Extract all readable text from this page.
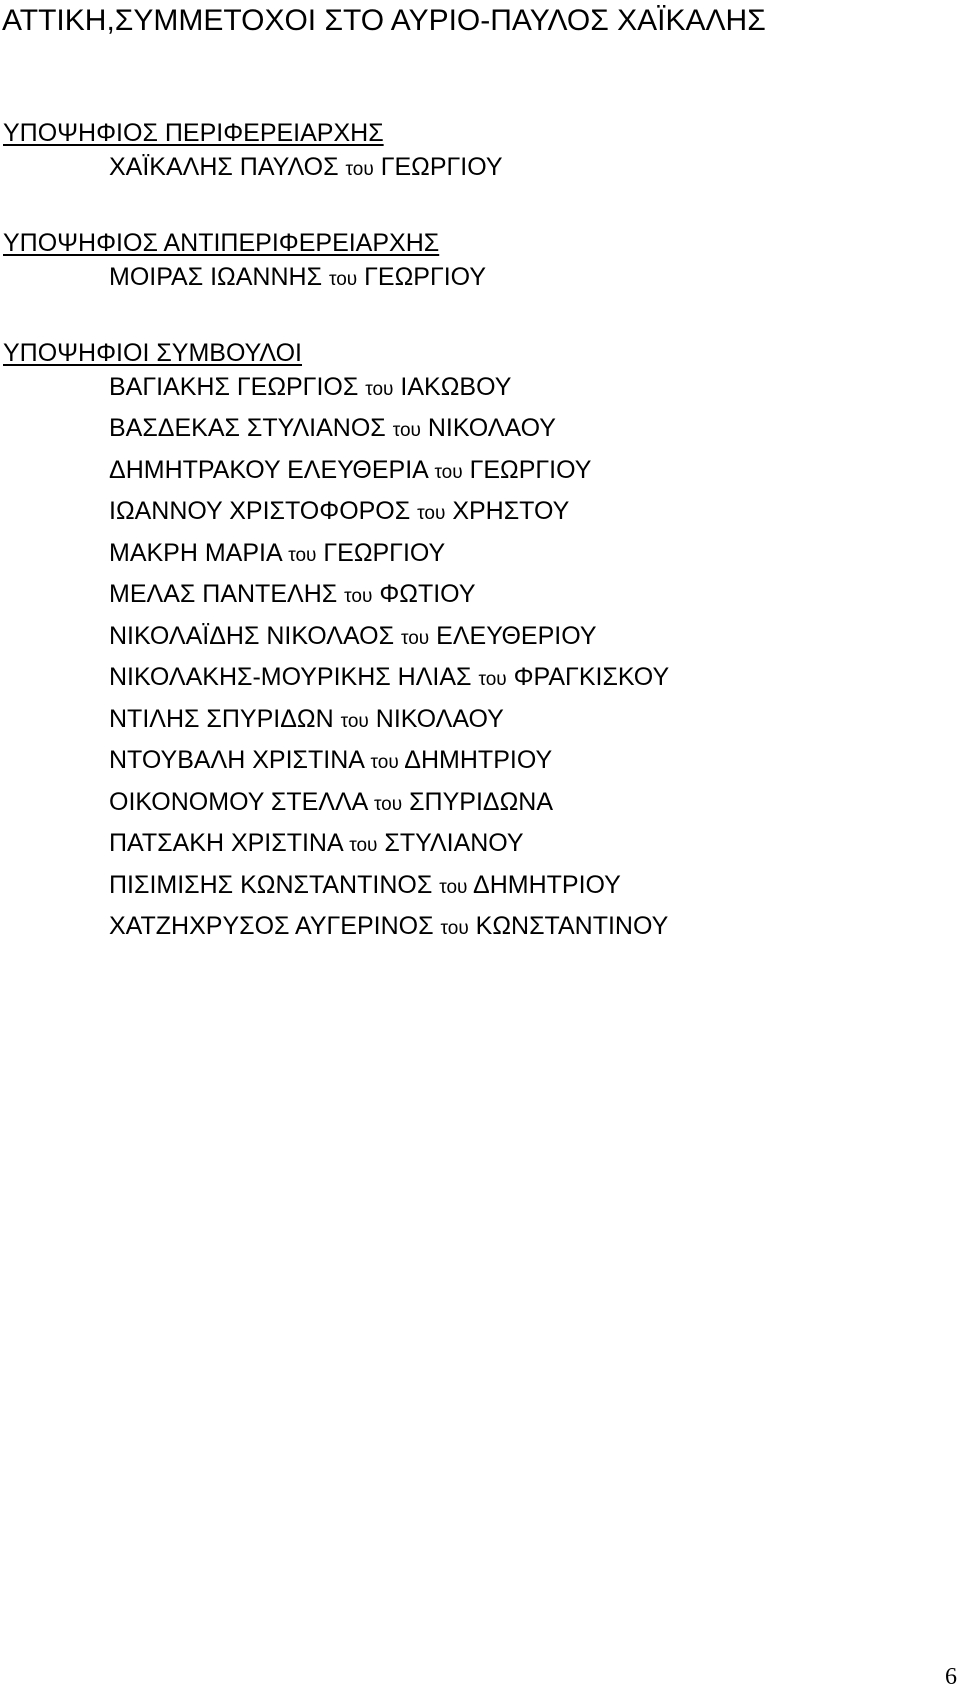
ΑΤΤΙΚΗ,ΣΥΜΜΕΤΟΧΟΙ ΣΤΟ ΑΥΡΙΟ-ΠΑΥΛΟΣ ΧΑΪΚΑΛΗΣ
ΥΠΟΨΗΦΙΟΣ ΠΕΡΙΦΕΡΕΙΑΡΧΗΣ
ΧΑΪΚΑΛΗΣ ΠΑΥΛΟΣ του ΓΕΩΡΓΙΟΥ
ΥΠΟΨΗΦΙΟΣ ΑΝΤΙΠΕΡΙΦΕΡΕΙΑΡΧΗΣ
ΜΟΙΡΑΣ ΙΩΑΝΝΗΣ του ΓΕΩΡΓΙΟΥ
ΥΠΟΨΗΦΙΟΙ ΣΥΜΒΟΥΛΟΙ
ΒΑΓΙΑΚΗΣ ΓΕΩΡΓΙΟΣ του ΙΑΚΩΒΟΥ
ΒΑΣΔΕΚΑΣ ΣΤΥΛΙΑΝΟΣ του ΝΙΚΟΛΑΟΥ
ΔΗΜΗΤΡΑΚΟΥ ΕΛΕΥΘΕΡΙΑ του ΓΕΩΡΓΙΟΥ
ΙΩΑΝΝΟΥ ΧΡΙΣΤΟΦΟΡΟΣ του ΧΡΗΣΤΟΥ
ΜΑΚΡΗ ΜΑΡΙΑ του ΓΕΩΡΓΙΟΥ
ΜΕΛΑΣ ΠΑΝΤΕΛΗΣ του ΦΩΤΙΟΥ
ΝΙΚΟΛΑΪΔΗΣ ΝΙΚΟΛΑΟΣ του ΕΛΕΥΘΕΡΙΟΥ
ΝΙΚΟΛΑΚΗΣ-ΜΟΥΡΙΚΗΣ ΗΛΙΑΣ του ΦΡΑΓΚΙΣΚΟΥ
ΝΤΙΛΗΣ ΣΠΥΡΙΔΩΝ του ΝΙΚΟΛΑΟΥ
ΝΤΟΥΒΑΛΗ ΧΡΙΣΤΙΝΑ του ΔΗΜΗΤΡΙΟΥ
ΟΙΚΟΝΟΜΟΥ ΣΤΕΛΛΑ του ΣΠΥΡΙΔΩΝΑ
ΠΑΤΣΑΚΗ ΧΡΙΣΤΙΝΑ του ΣΤΥΛΙΑΝΟΥ
ΠΙΣΙΜΙΣΗΣ ΚΩΝΣΤΑΝΤΙΝΟΣ του ΔΗΜΗΤΡΙΟΥ
ΧΑΤΖΗΧΡΥΣΟΣ ΑΥΓΕΡΙΝΟΣ του ΚΩΝΣΤΑΝΤΙΝΟΥ
6
